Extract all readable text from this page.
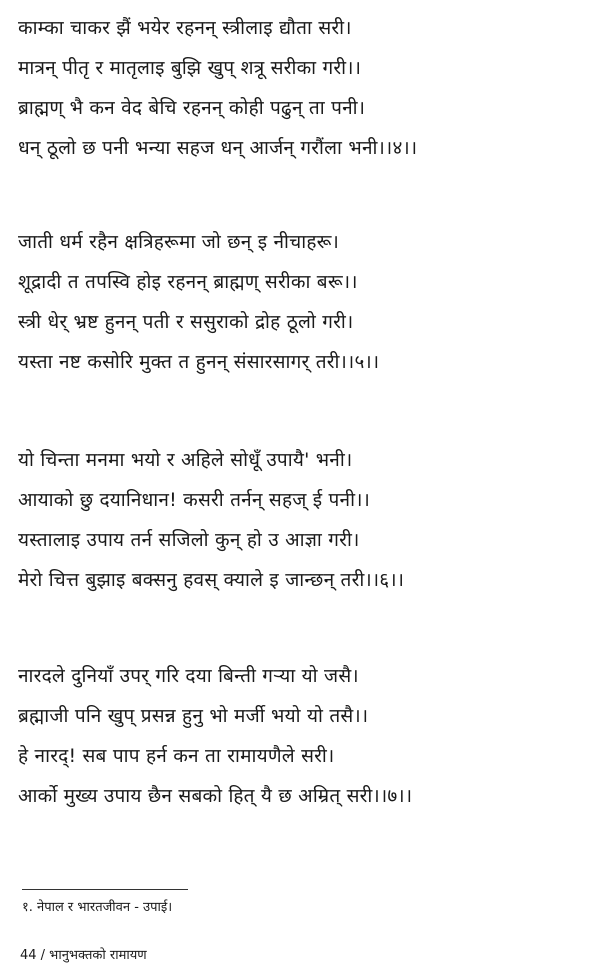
काम्का चाकर झैं भयेर रहनन् स्त्रीलाइ द्यौता सरी।
मात्रन् पीतृ र मातृलाइ बुझि खुप् शत्रू सरीका गरी।।
ब्राह्मण् भै कन वेद बेचि रहनन् कोही पढुन् ता पनी।
धन् ठूलो छ पनी भन्या सहज धन् आर्जन् गरौंला भनी।।४।।
जाती धर्म रहैन क्षत्रिहरूमा जो छन् इ नीचाहरू।
शूद्रादी त तपस्वि होइ रहनन् ब्राह्मण् सरीका बरू।।
स्त्री धेर् भ्रष्ट हुनन् पती र ससुराको द्रोह ठूलो गरी।
यस्ता नष्ट कसोरि मुक्त त हुनन् संसारसागर् तरी।।५।।
यो चिन्ता मनमा भयो र अहिले सोधूँ उपायै' भनी।
आयाको छु दयानिधान! कसरी तर्नन् सहज् ई पनी।।
यस्तालाइ उपाय तर्न सजिलो कुन् हो उ आज्ञा गरी।
मेरो चित्त बुझाइ बक्सनु हवस् क्याले इ जान्छन् तरी।।६।।
नारदले दुनियाँ उपर् गरि दया बिन्ती गऱ्या यो जसै।
ब्रह्माजी पनि खुप् प्रसन्न हुनु भो मर्जी भयो यो तसै।।
हे नारद्! सब पाप हर्न कन ता रामायणैले सरी।
आर्को मुख्य उपाय छैन सबको हित् यै छ अम्रित् सरी।।७।।
१. नेपाल र भारतजीवन - उपाई।
44 / भानुभक्तको रामायण
